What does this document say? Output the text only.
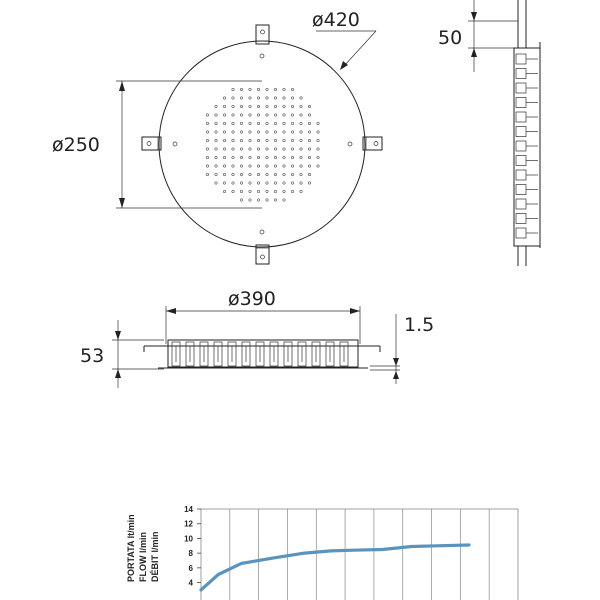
ø420
ø250
50
ø390
1.5
53
4
6
8
10
12
14
PORTATA lt/min FLOW l/min DÉBIT l/min
